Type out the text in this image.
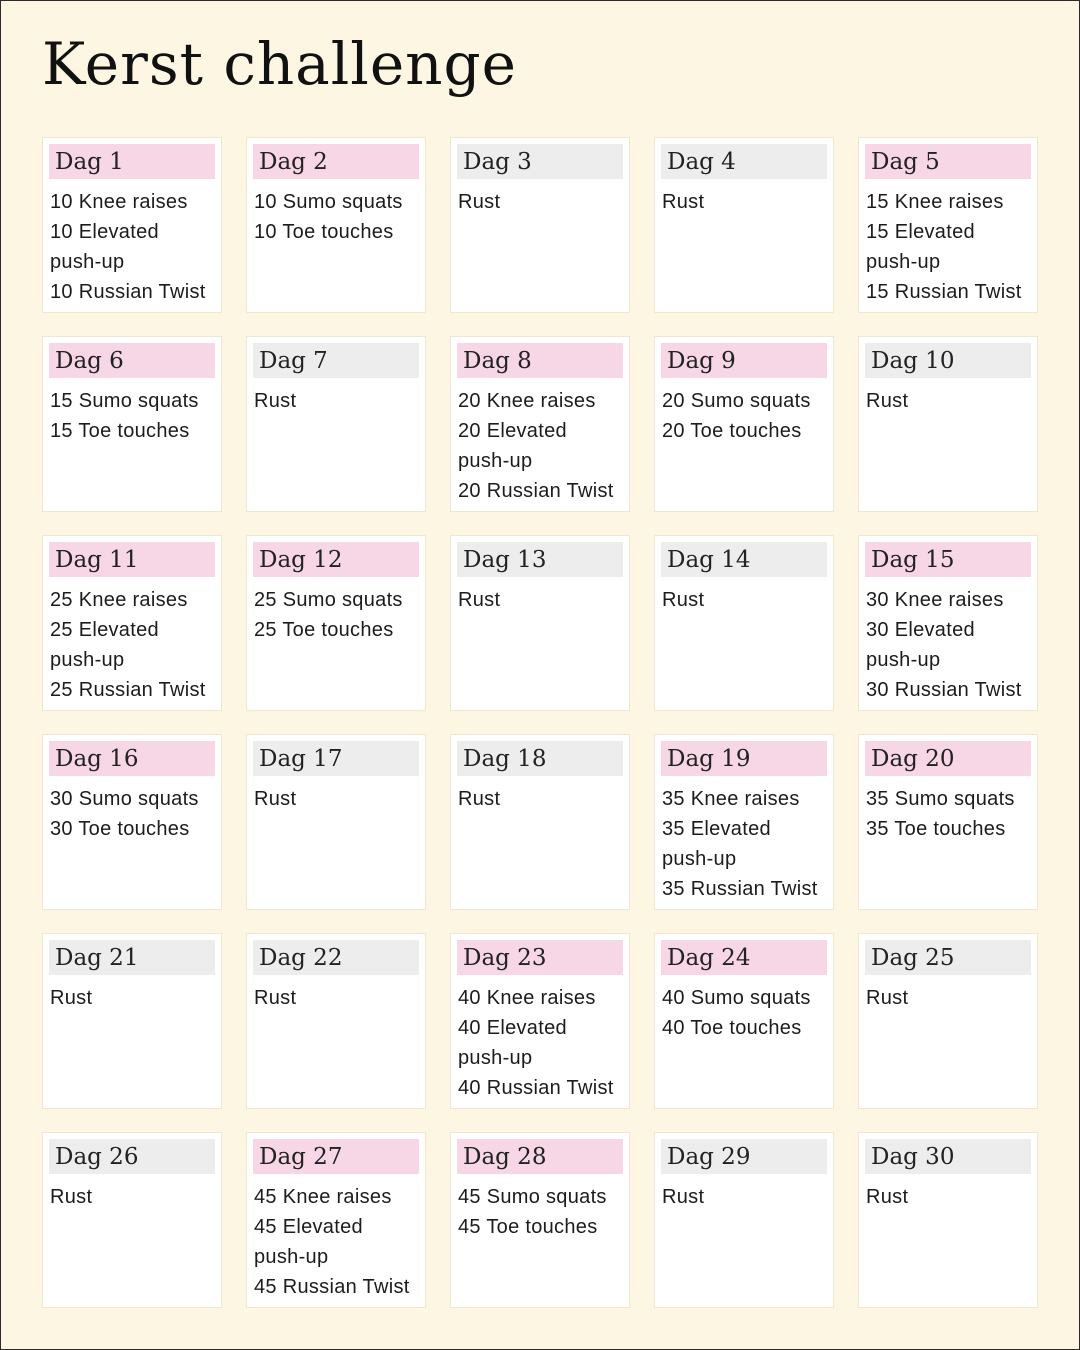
Kerst challenge
Dag 1
10 Knee raises
10 Elevated
push-up
10 Russian Twist
Dag 2
10 Sumo squats
10 Toe touches
Dag 3
Rust
Dag 4
Rust
Dag 5
15 Knee raises
15 Elevated
push-up
15 Russian Twist
Dag 6
15 Sumo squats
15 Toe touches
Dag 7
Rust
Dag 8
20 Knee raises
20 Elevated
push-up
20 Russian Twist
Dag 9
20 Sumo squats
20 Toe touches
Dag 10
Rust
Dag 11
25 Knee raises
25 Elevated
push-up
25 Russian Twist
Dag 12
25 Sumo squats
25 Toe touches
Dag 13
Rust
Dag 14
Rust
Dag 15
30 Knee raises
30 Elevated
push-up
30 Russian Twist
Dag 16
30 Sumo squats
30 Toe touches
Dag 17
Rust
Dag 18
Rust
Dag 19
35 Knee raises
35 Elevated
push-up
35 Russian Twist
Dag 20
35 Sumo squats
35 Toe touches
Dag 21
Rust
Dag 22
Rust
Dag 23
40 Knee raises
40 Elevated
push-up
40 Russian Twist
Dag 24
40 Sumo squats
40 Toe touches
Dag 25
Rust
Dag 26
Rust
Dag 27
45 Knee raises
45 Elevated
push-up
45 Russian Twist
Dag 28
45 Sumo squats
45 Toe touches
Dag 29
Rust
Dag 30
Rust
